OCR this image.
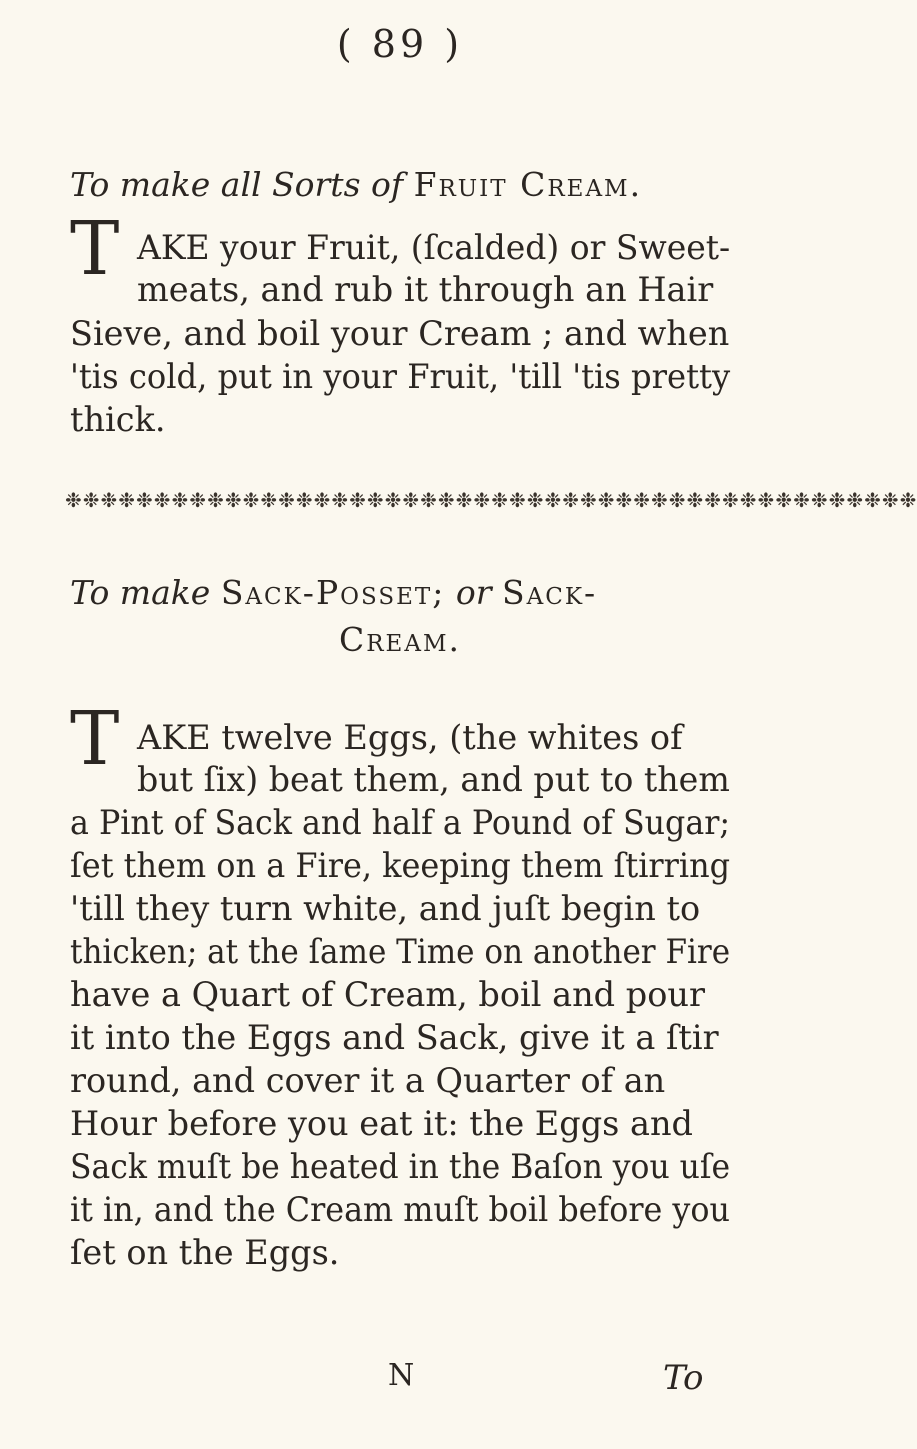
( 89 )
To make all Sorts of Fruit Cream.
T AKE your Fruit, (ſcalded) or Sweet-
meats, and rub it through an Hair
Sieve, and boil your Cream ; and when
'tis cold, put in your Fruit, 'till 'tis pretty
thick.
❉❉❉❉❉❉❉❉❉❉❉❉❉❉❉❉❉❉❉❉❉❉❉❉❉❉❉❉❉❉❉❉❉❉❉❉❉❉❉❉❉❉❉❉❉❉❉❉
To make Sack-Posset; or Sack-
Cream.
T AKE twelve Eggs, (the whites of
but ſix) beat them, and put to them
a Pint of Sack and half a Pound of Sugar;
ſet them on a Fire, keeping them ſtirring
'till they turn white, and juſt begin to
thicken; at the ſame Time on another Fire
have a Quart of Cream, boil and pour
it into the Eggs and Sack, give it a ſtir
round, and cover it a Quarter of an
Hour before you eat it: the Eggs and
Sack muſt be heated in the Baſon you uſe
it in, and the Cream muſt boil before you
ſet on the Eggs.
N	To
